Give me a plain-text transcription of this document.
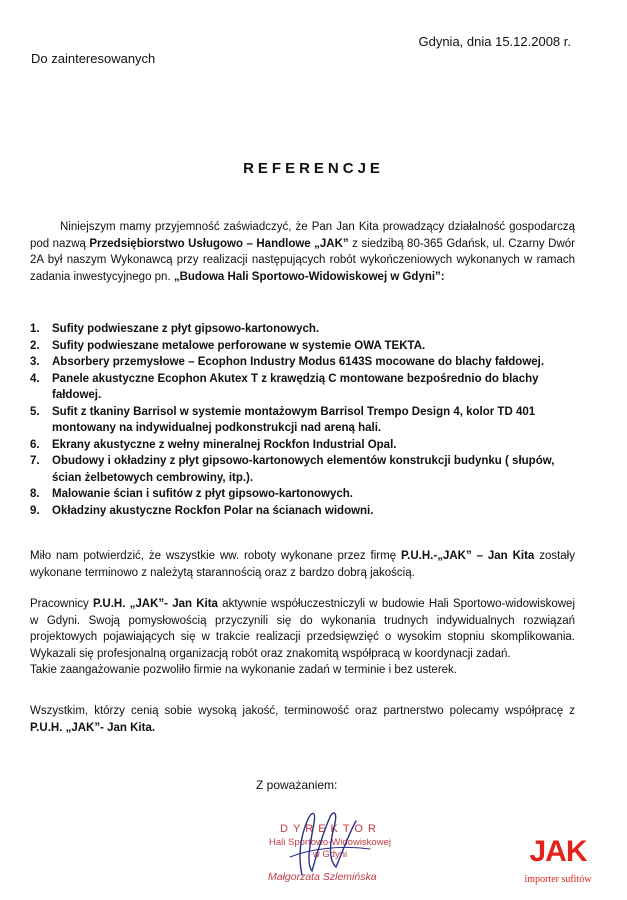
Gdynia, dnia 15.12.2008 r.
Do zainteresowanych
REFERENCJE
Niniejszym mamy przyjemność zaświadczyć, że Pan Jan Kita prowadzący działalność gospodarczą pod nazwą Przedsiębiorstwo Usługowo – Handlowe „JAK” z siedzibą 80-365 Gdańsk, ul. Czarny Dwór 2A był naszym Wykonawcą przy realizacji następujących robót wykończeniowych wykonanych w ramach zadania inwestycyjnego pn. „Budowa Hali Sportowo-Widowiskowej w Gdyni”:
1. Sufity podwieszane z płyt gipsowo-kartonowych.
2. Sufity podwieszane metalowe perforowane w systemie OWA TEKTA.
3. Absorbery przemysłowe – Ecophon Industry Modus 6143S mocowane do blachy fałdowej.
4. Panele akustyczne Ecophon Akutex T z krawędzią C montowane bezpośrednio do blachy fałdowej.
5. Sufit z tkaniny Barrisol w systemie montażowym Barrisol Trempo Design 4, kolor TD 401 montowany na indywidualnej podkonstrukcji nad areną hali.
6. Ekrany akustyczne z wełny mineralnej Rockfon Industrial Opal.
7. Obudowy i okładziny z płyt gipsowo-kartonowych elementów konstrukcji budynku ( słupów, ścian żelbetowych cembrowiny, itp.).
8. Malowanie ścian i sufitów z płyt gipsowo-kartonowych.
9. Okładziny akustyczne Rockfon Polar na ścianach widowni.

Miło nam potwierdzić, że wszystkie ww. roboty wykonane przez firmę P.U.H.-„JAK” – Jan Kita zostały wykonane terminowo z należytą starannością oraz z bardzo dobrą jakością.

Pracownicy P.U.H. „JAK”- Jan Kita aktywnie współuczestniczyli w budowie Hali Sportowo-widowiskowej w Gdyni. Swoją pomysłowością przyczynili się do wykonania trudnych indywidualnych rozwiązań projektowych pojawiających się w trakcie realizacji przedsięwzięć o wysokim stopniu skomplikowania. Wykazali się profesjonalną organizacją robót oraz znakomitą współpracą w koordynacji zadań.
Takie zaangażowanie pozwoliło firmie na wykonanie zadań w terminie i bez usterek.

Wszystkim, którzy cenią sobie wysoką jakość, terminowość oraz partnerstwo polecamy współpracę z P.U.H. „JAK”- Jan Kita.

Z poważaniem:
DYREKTOR
Hali Sportowo-Widowiskowej
w Gdyni
Małgorzata Szlemińska
JAK
importer sufitów
